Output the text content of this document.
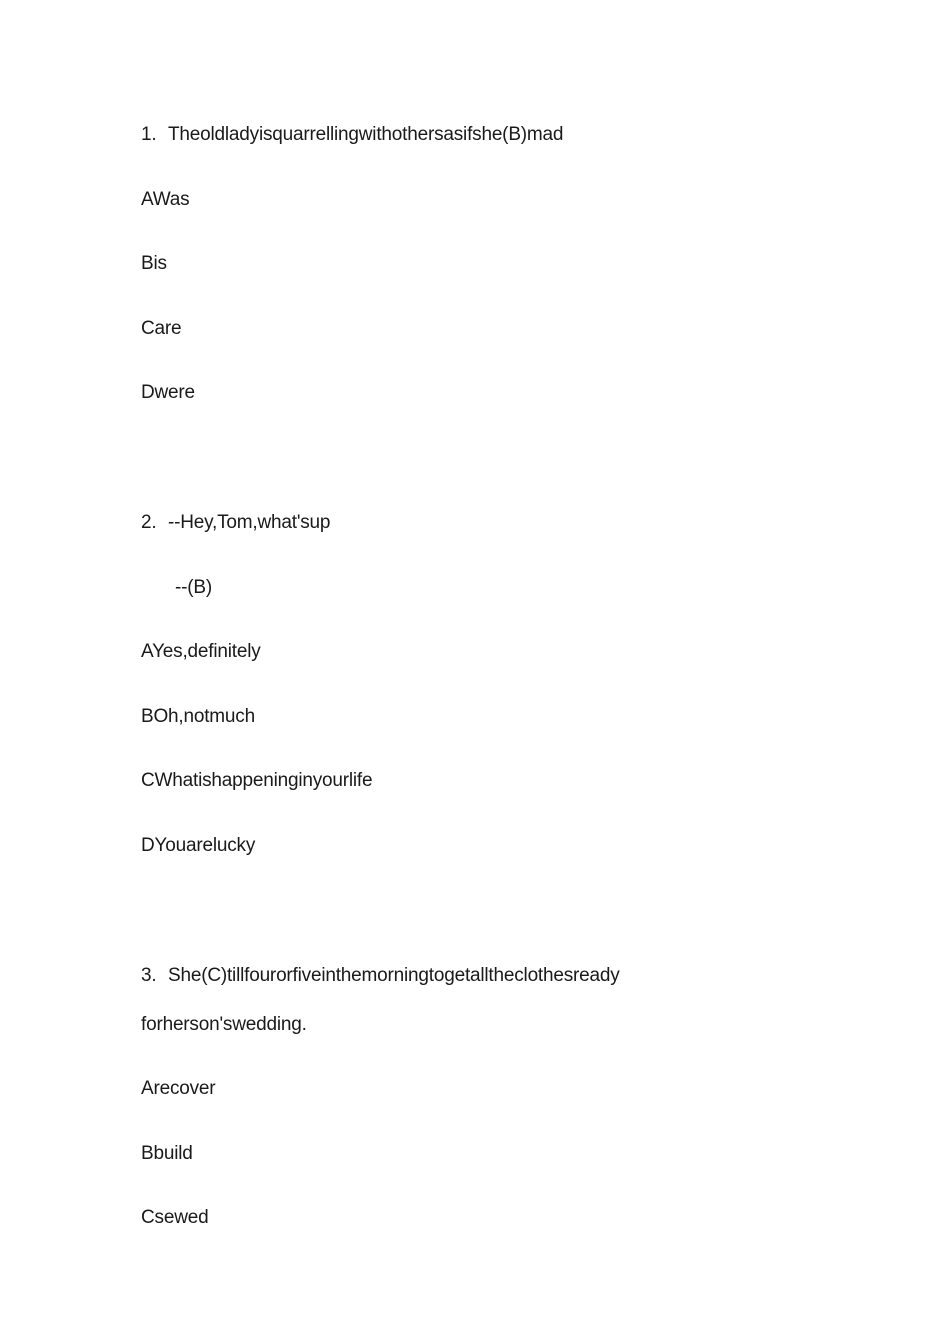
1. Theoldladyisquarrellingwithothersasifshe(B)mad
AWas
Bis
Care
Dwere
2. --Hey,Tom,what'sup
--(B)
AYes,definitely
BOh,notmuch
CWhatishappeninginyourlife
DYouarelucky
3. She(C)tillfourorfiveinthemorningtogetalltheclothesready
forherson'swedding.
Arecover
Bbuild
Csewed
